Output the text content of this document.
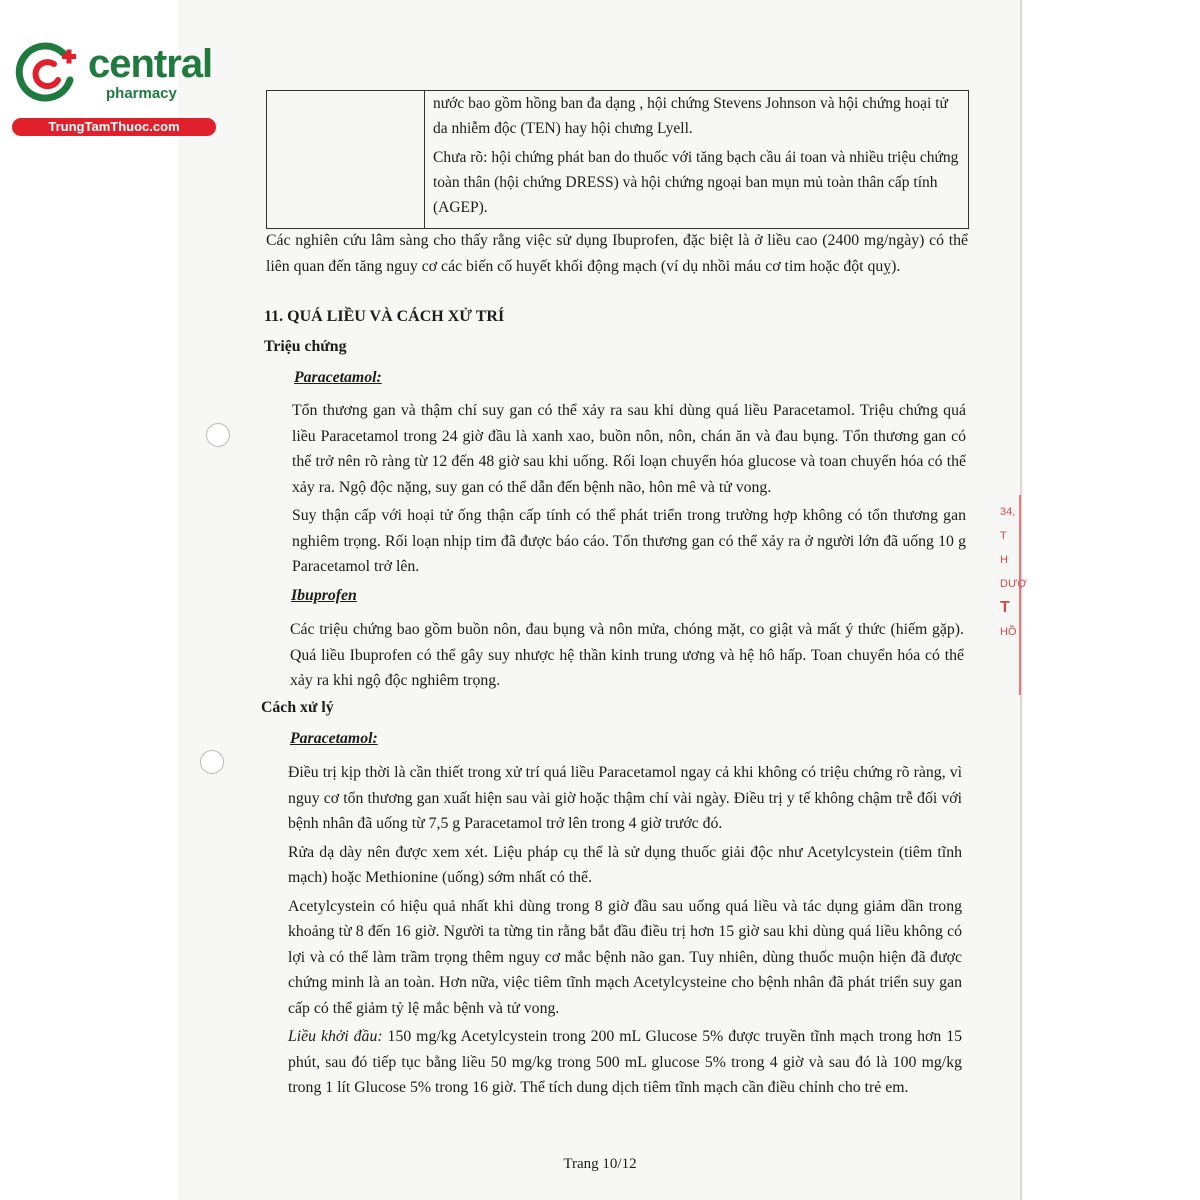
34,
T
H
DƯỢ
T
HỒ
central
pharmacy
TrungTamThuoc.com

nước bao gồm hồng ban đa dạng , hội chứng Stevens Johnson và hội chứng hoại tử da nhiễm độc (TEN) hay hội chưng Lyell.

Chưa rõ: hội chứng phát ban do thuốc với tăng bạch cầu ái toan và nhiều triệu chứng toàn thân (hội chứng DRESS) và hội chứng ngoại ban mụn mủ toàn thân cấp tính (AGEP).

Các nghiên cứu lâm sàng cho thấy rằng việc sử dụng Ibuprofen, đặc biệt là ở liều cao (2400 mg/ngày) có thể liên quan đến tăng nguy cơ các biến cố huyết khối động mạch (ví dụ nhồi máu cơ tim hoặc đột quỵ).

11. QUÁ LIỀU VÀ CÁCH XỬ TRÍ
Triệu chứng
Paracetamol:

Tổn thương gan và thậm chí suy gan có thể xảy ra sau khi dùng quá liều Paracetamol. Triệu chứng quá liều Paracetamol trong 24 giờ đầu là xanh xao, buồn nôn, nôn, chán ăn và đau bụng. Tổn thương gan có thể trở nên rõ ràng từ 12 đến 48 giờ sau khi uống. Rối loạn chuyển hóa glucose và toan chuyển hóa có thể xảy ra. Ngộ độc nặng, suy gan có thể dẫn đến bệnh não, hôn mê và tử vong.

Suy thận cấp với hoại tử ống thận cấp tính có thể phát triển trong trường hợp không có tổn thương gan nghiêm trọng. Rối loạn nhịp tim đã được báo cáo. Tổn thương gan có thể xảy ra ở người lớn đã uống 10 g Paracetamol trở lên.

Ibuprofen

Các triệu chứng bao gồm buồn nôn, đau bụng và nôn mửa, chóng mặt, co giật và mất ý thức (hiếm gặp). Quá liều Ibuprofen có thể gây suy nhược hệ thần kinh trung ương và hệ hô hấp. Toan chuyển hóa có thể xảy ra khi ngộ độc nghiêm trọng.

Cách xử lý
Paracetamol:

Điều trị kịp thời là cần thiết trong xử trí quá liều Paracetamol ngay cả khi không có triệu chứng rõ ràng, vì nguy cơ tổn thương gan xuất hiện sau vài giờ hoặc thậm chí vài ngày. Điều trị y tế không chậm trễ đối với bệnh nhân đã uống từ 7,5 g Paracetamol trở lên trong 4 giờ trước đó.

Rửa dạ dày nên được xem xét. Liệu pháp cụ thể là sử dụng thuốc giải độc như Acetylcystein (tiêm tĩnh mạch) hoặc Methionine (uống) sớm nhất có thể.

Acetylcystein có hiệu quả nhất khi dùng trong 8 giờ đầu sau uống quá liều và tác dụng giảm dần trong khoảng từ 8 đến 16 giờ. Người ta từng tin rằng bắt đầu điều trị hơn 15 giờ sau khi dùng quá liều không có lợi và có thể làm trầm trọng thêm nguy cơ mắc bệnh não gan. Tuy nhiên, dùng thuốc muộn hiện đã được chứng minh là an toàn. Hơn nữa, việc tiêm tĩnh mạch Acetylcysteine cho bệnh nhân đã phát triển suy gan cấp có thể giảm tỷ lệ mắc bệnh và tử vong.

Liều khởi đầu: 150 mg/kg Acetylcystein trong 200 mL Glucose 5% được truyền tĩnh mạch trong hơn 15 phút, sau đó tiếp tục bằng liều 50 mg/kg trong 500 mL glucose 5% trong 4 giờ và sau đó là 100 mg/kg trong 1 lít Glucose 5% trong 16 giờ. Thể tích dung dịch tiêm tĩnh mạch cần điều chỉnh cho trẻ em.

Trang 10/12
